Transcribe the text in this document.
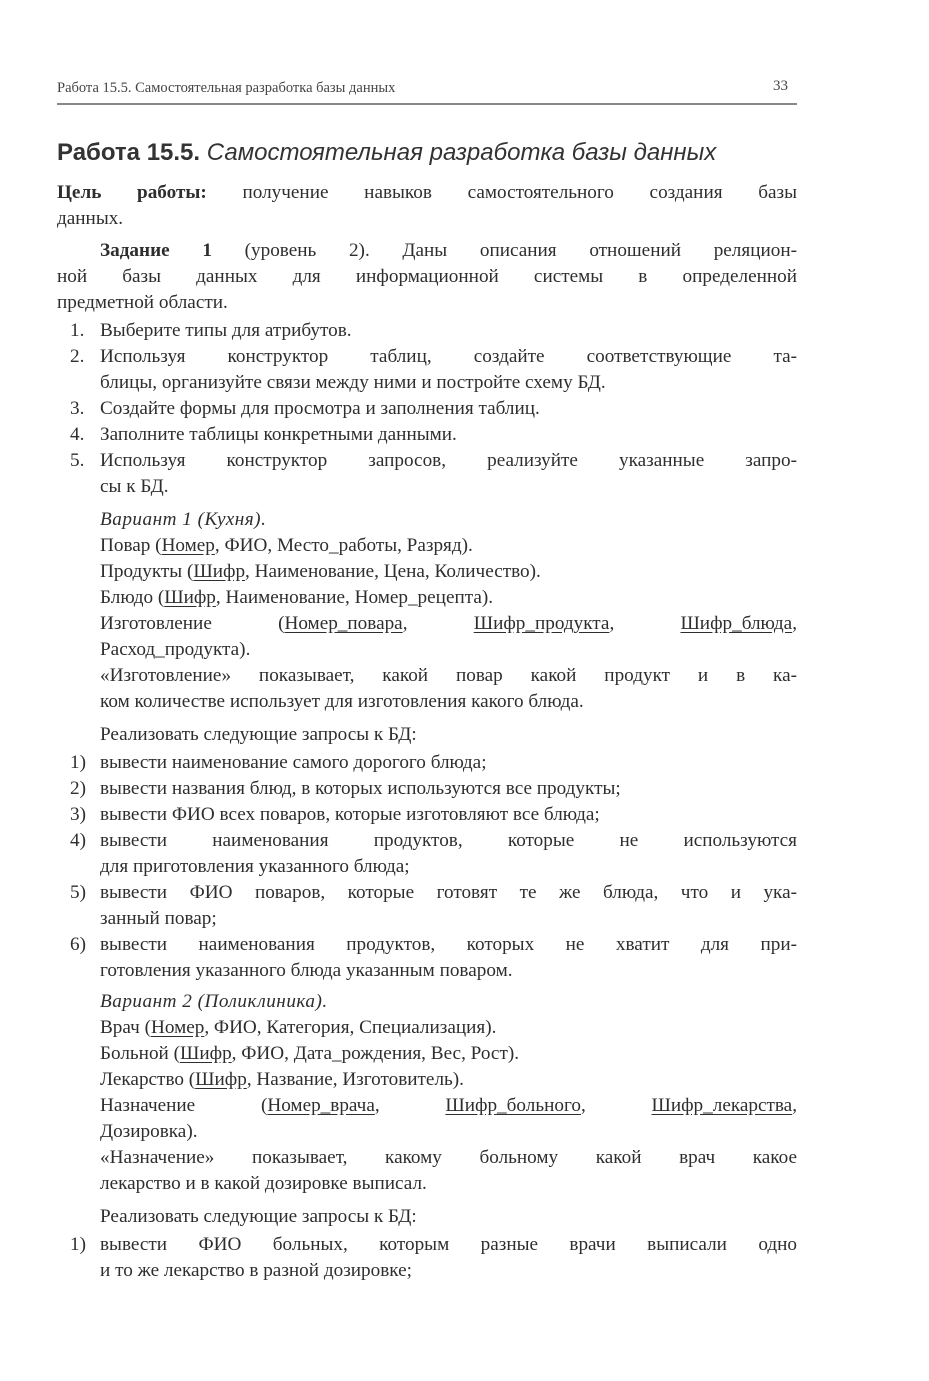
Работа 15.5. Самостоятельная разработка базы данных	33
Работа 15.5. Самостоятельная разработка базы данных
Цель работы: получение навыков самостоятельного создания базы
данных.
Задание 1 (уровень 2). Даны описания отношений реляцион-
ной базы данных для информационной системы в определенной
предметной области.
1. Выберите типы для атрибутов.
2. Используя конструктор таблиц, создайте соответствующие та-
блицы, организуйте связи между ними и постройте схему БД.
3. Создайте формы для просмотра и заполнения таблиц.
4. Заполните таблицы конкретными данными.
5. Используя конструктор запросов, реализуйте указанные запро-
сы к БД.
Вариант 1 (Кухня).
Повар (Номер, ФИО, Место_работы, Разряд).
Продукты (Шифр, Наименование, Цена, Количество).
Блюдо (Шифр, Наименование, Номер_рецепта).
Изготовление (Номер_повара, Шифр_продукта, Шифр_блюда,
Расход_продукта).
«Изготовление» показывает, какой повар какой продукт и в ка-
ком количестве использует для изготовления какого блюда.
Реализовать следующие запросы к БД:
1) вывести наименование самого дорогого блюда;
2) вывести названия блюд, в которых используются все продукты;
3) вывести ФИО всех поваров, которые изготовляют все блюда;
4) вывести наименования продуктов, которые не используются
для приготовления указанного блюда;
5) вывести ФИО поваров, которые готовят те же блюда, что и ука-
занный повар;
6) вывести наименования продуктов, которых не хватит для при-
готовления указанного блюда указанным поваром.
Вариант 2 (Поликлиника).
Врач (Номер, ФИО, Категория, Специализация).
Больной (Шифр, ФИО, Дата_рождения, Вес, Рост).
Лекарство (Шифр, Название, Изготовитель).
Назначение (Номер_врача, Шифр_больного, Шифр_лекарства,
Дозировка).
«Назначение» показывает, какому больному какой врач какое
лекарство и в какой дозировке выписал.
Реализовать следующие запросы к БД:
1) вывести ФИО больных, которым разные врачи выписали одно
и то же лекарство в разной дозировке;
